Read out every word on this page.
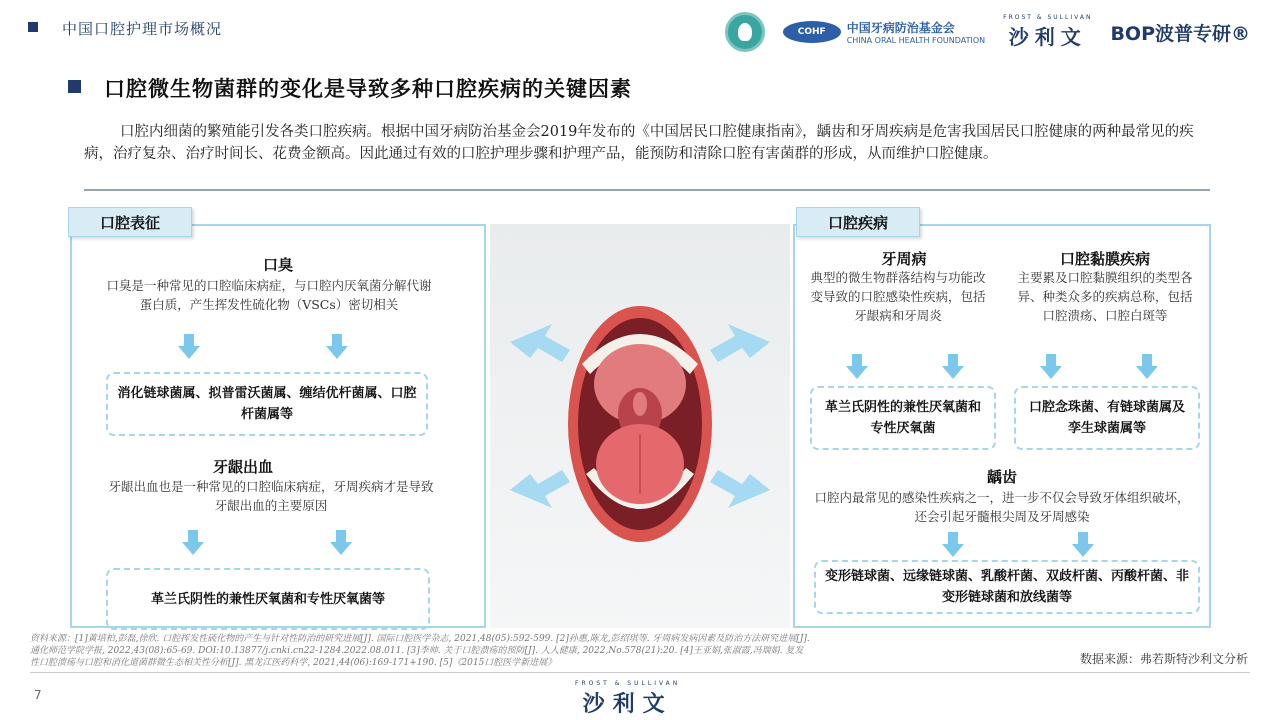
中国口腔护理市场概况	COHF	中国牙病防治基金会
CHINA ORAL HEALTH FOUNDATION
FROST & SULLIVAN
沙利文 BOP波普专研®
口腔微生物菌群的变化是导致多种口腔疾病的关键因素
口腔内细菌的繁殖能引发各类口腔疾病。根据中国牙病防治基金会2019年发布的《中国居民口腔健康指南》，龋齿和牙周疾病是危害我国居民口腔健康的两种最常见的疾病，治疗复杂、治疗时间长、花费金额高。因此通过有效的口腔护理步骤和护理产品，能预防和清除口腔有害菌群的形成，从而维护口腔健康。
口腔表征
口臭
口臭是一种常见的口腔临床病症，与口腔内厌氧菌分解代谢蛋白质，产生挥发性硫化物（VSCs）密切相关
消化链球菌属、拟普雷沃菌属、缠结优杆菌属、口腔杆菌属等
牙龈出血
牙龈出血也是一种常见的口腔临床病症，牙周疾病才是导致牙龈出血的主要原因
革兰氏阴性的兼性厌氧菌和专性厌氧菌等
口腔疾病
牙周病
典型的微生物群落结构与功能改变导致的口腔感染性疾病，包括牙龈病和牙周炎
革兰氏阴性的兼性厌氧菌和专性厌氧菌
口腔黏膜疾病
主要累及口腔黏膜组织的类型各异、种类众多的疾病总称，包括口腔溃疡、口腔白斑等
口腔念珠菌、有链球菌属及孪生球菌属等
龋齿
口腔内最常见的感染性疾病之一，进一步不仅会导致牙体组织破坏，还会引起牙髓根尖周及牙周感染
变形链球菌、远缘链球菌、乳酸杆菌、双歧杆菌、丙酸杆菌、非变形链球菌和放线菌等
资料来源：[1]黄培柏,彭磊,徐欣. 口腔挥发性硫化物的产生与针对性防治的研究进展[J]. 国际口腔医学杂志, 2021,48(05):592-599. [2]孙惠,陈龙,彭绍琪等. 牙周病发病因素及防治方法研究进展[J]. 通化师范学院学报, 2022,43(08):65-69. DOI:10.13877/j.cnki.cn22-1284.2022.08.011. [3]李帅. 关于口腔溃疡的预防[J]. 人人健康, 2022,No.578(21):20. [4]王亚娟,张淑霞,冯瑞娟. 复发性口腔溃疡与口腔和消化道菌群微生态相关性分析[J]. 黑龙江医药科学, 2021,44(06):169-171+190. [5]《2015口腔医学新进展》	数据来源：弗若斯特沙利文分析
7
FROST & SULLIVAN
沙利文
